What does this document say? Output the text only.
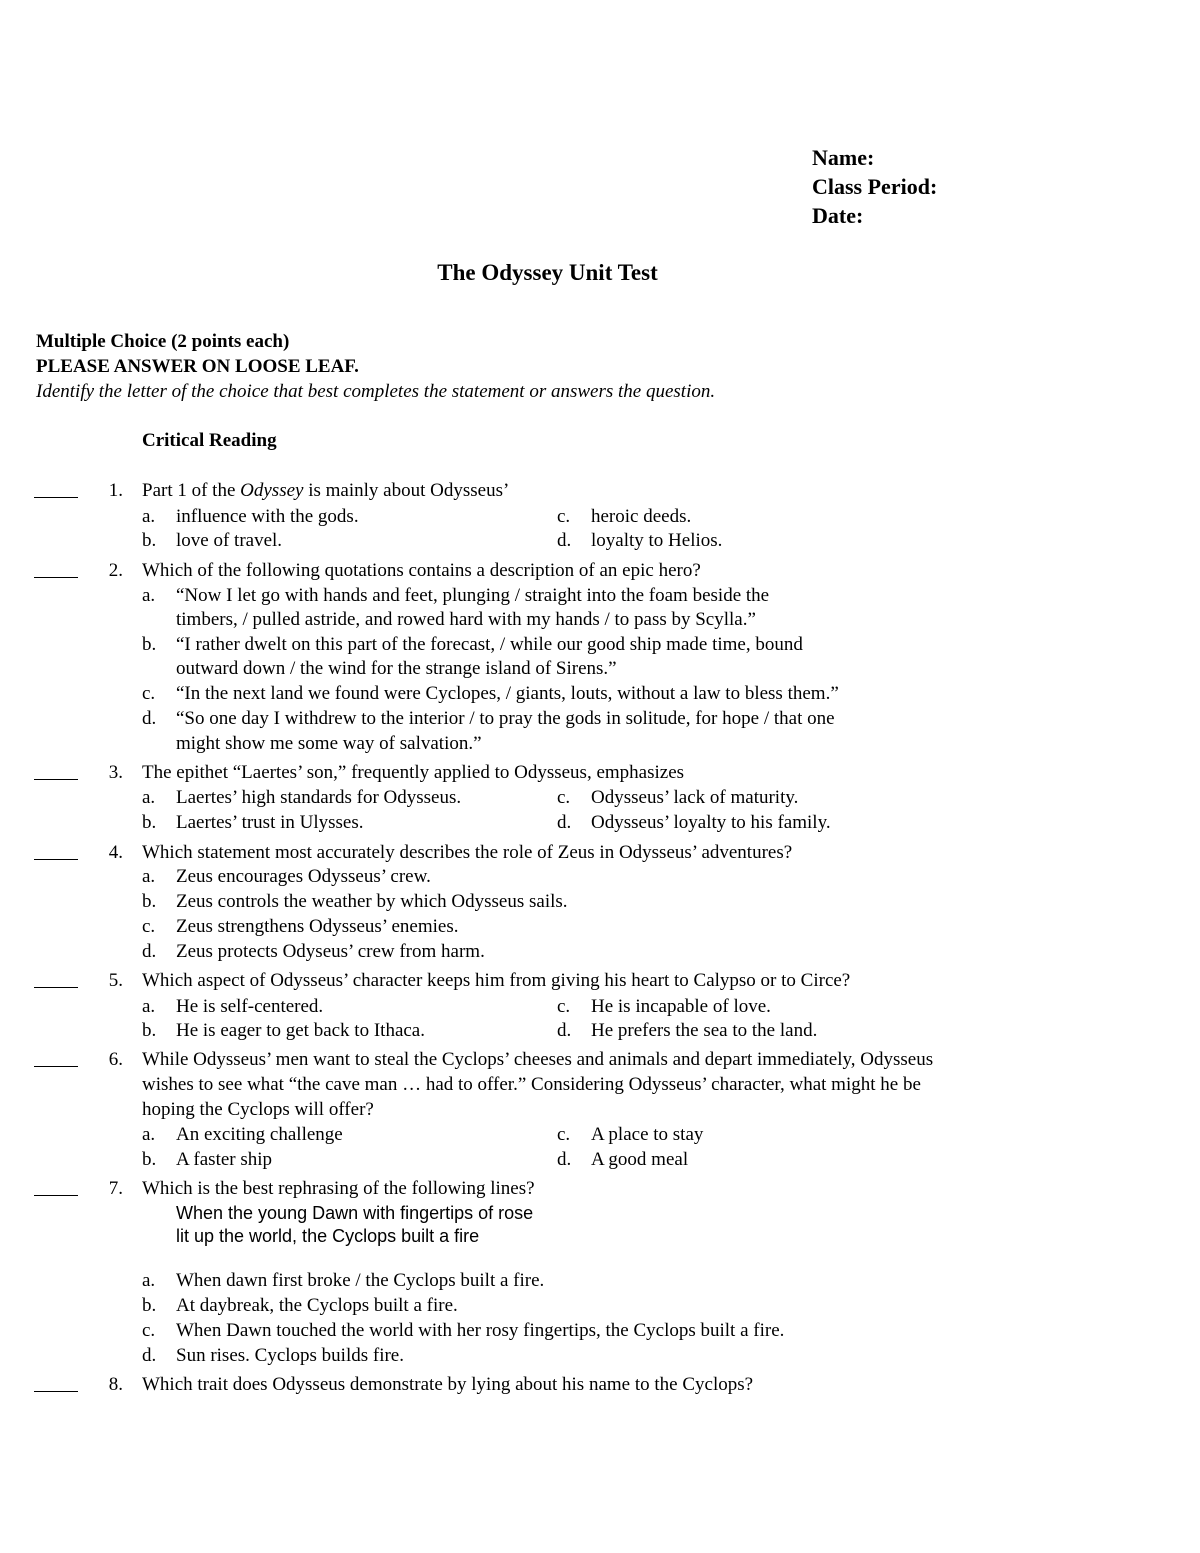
Name:
Class Period:
Date:
The Odyssey Unit Test
Multiple Choice (2 points each)
PLEASE ANSWER ON LOOSE LEAF.
Identify the letter of the choice that best completes the statement or answers the question.
Critical Reading
1. Part 1 of the Odyssey is mainly about Odysseus’
a. influence with the gods.
b. love of travel.
c. heroic deeds.
d. loyalty to Helios.
2. Which of the following quotations contains a description of an epic hero?
a. “Now I let go with hands and feet, plunging / straight into the foam beside the
timbers, / pulled astride, and rowed hard with my hands / to pass by Scylla.”
b. “I rather dwelt on this part of the forecast, / while our good ship made time, bound
outward down / the wind for the strange island of Sirens.”
c. “In the next land we found were Cyclopes, / giants, louts, without a law to bless them.”
d. “So one day I withdrew to the interior / to pray the gods in solitude, for hope / that one
might show me some way of salvation.”
3. The epithet “Laertes’ son,” frequently applied to Odysseus, emphasizes
a. Laertes’ high standards for Odysseus.
b. Laertes’ trust in Ulysses.
c. Odysseus’ lack of maturity.
d. Odysseus’ loyalty to his family.
4. Which statement most accurately describes the role of Zeus in Odysseus’ adventures?
a. Zeus encourages Odysseus’ crew.
b. Zeus controls the weather by which Odysseus sails.
c. Zeus strengthens Odysseus’ enemies.
d. Zeus protects Odyseus’ crew from harm.
5. Which aspect of Odysseus’ character keeps him from giving his heart to Calypso or to Circe?
a. He is self-centered.
b. He is eager to get back to Ithaca.
c. He is incapable of love.
d. He prefers the sea to the land.
6. While Odysseus’ men want to steal the Cyclops’ cheeses and animals and depart immediately, Odysseus
wishes to see what “the cave man … had to offer.” Considering Odysseus’ character, what might he be
hoping the Cyclops will offer?
a. An exciting challenge
b. A faster ship
c. A place to stay
d. A good meal
7. Which is the best rephrasing of the following lines?
When the young Dawn with fingertips of rose
lit up the world, the Cyclops built a fire
a. When dawn first broke / the Cyclops built a fire.
b. At daybreak, the Cyclops built a fire.
c. When Dawn touched the world with her rosy fingertips, the Cyclops built a fire.
d. Sun rises. Cyclops builds fire.
8. Which trait does Odysseus demonstrate by lying about his name to the Cyclops?
